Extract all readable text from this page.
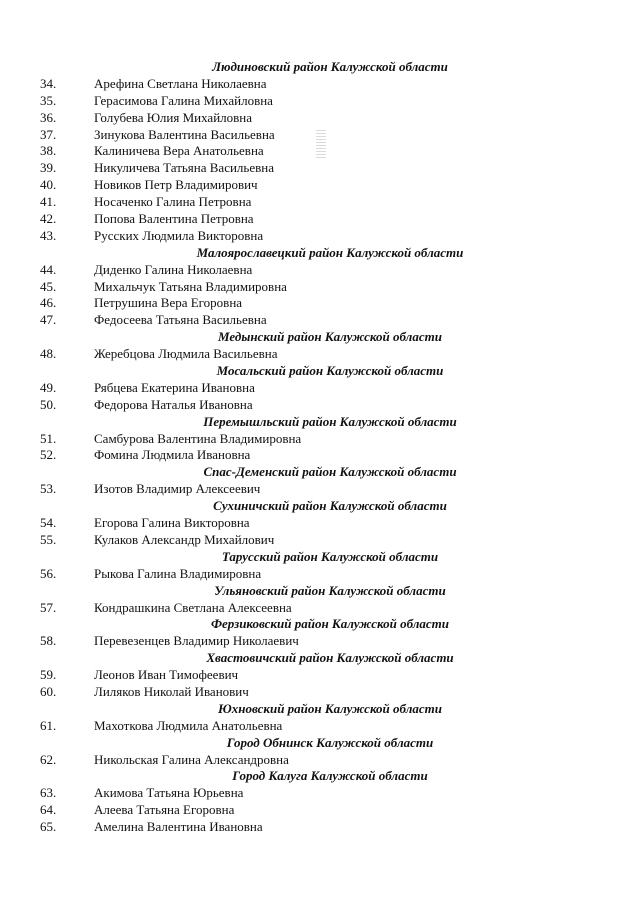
Людиновский район Калужской области
34.	Арефина Светлана Николаевна
35.	Герасимова Галина Михайловна
36.	Голубева Юлия Михайловна
37.	Зинукова Валентина Васильевна
38.	Калиничева Вера Анатольевна
39.	Никуличева Татьяна Васильевна
40.	Новиков Петр Владимирович
41.	Носаченко Галина Петровна
42.	Попова Валентина Петровна
43.	Русских Людмила Викторовна
Малоярославецкий район Калужской области
44.	Диденко Галина Николаевна
45.	Михальчук Татьяна Владимировна
46.	Петрушина Вера Егоровна
47.	Федосеева Татьяна Васильевна
Медынский район Калужской области
48.	Жеребцова Людмила Васильевна
Мосальский район Калужской области
49.	Рябцева Екатерина Ивановна
50.	Федорова Наталья Ивановна
Перемышльский район Калужской области
51.	Самбурова Валентина Владимировна
52.	Фомина Людмила Ивановна
Спас-Деменский район Калужской области
53.	Изотов Владимир Алексеевич
Сухиничский район Калужской области
54.	Егорова Галина Викторовна
55.	Кулаков Александр Михайлович
Тарусский район Калужской области
56.	Рыкова Галина Владимировна
Ульяновский район Калужской области
57.	Кондрашкина Светлана Алексеевна
Ферзиковский район Калужской области
58.	Перевезенцев Владимир Николаевич
Хвастовичский район Калужской области
59.	Леонов Иван Тимофеевич
60.	Лиляков Николай Иванович
Юхновский район Калужской области
61.	Махоткова Людмила Анатольевна
Город Обнинск Калужской области
62.	Никольская Галина Александровна
Город Калуга Калужской области
63.	Акимова Татьяна Юрьевна
64.	Алеева Татьяна Егоровна
65.	Амелина Валентина Ивановна
